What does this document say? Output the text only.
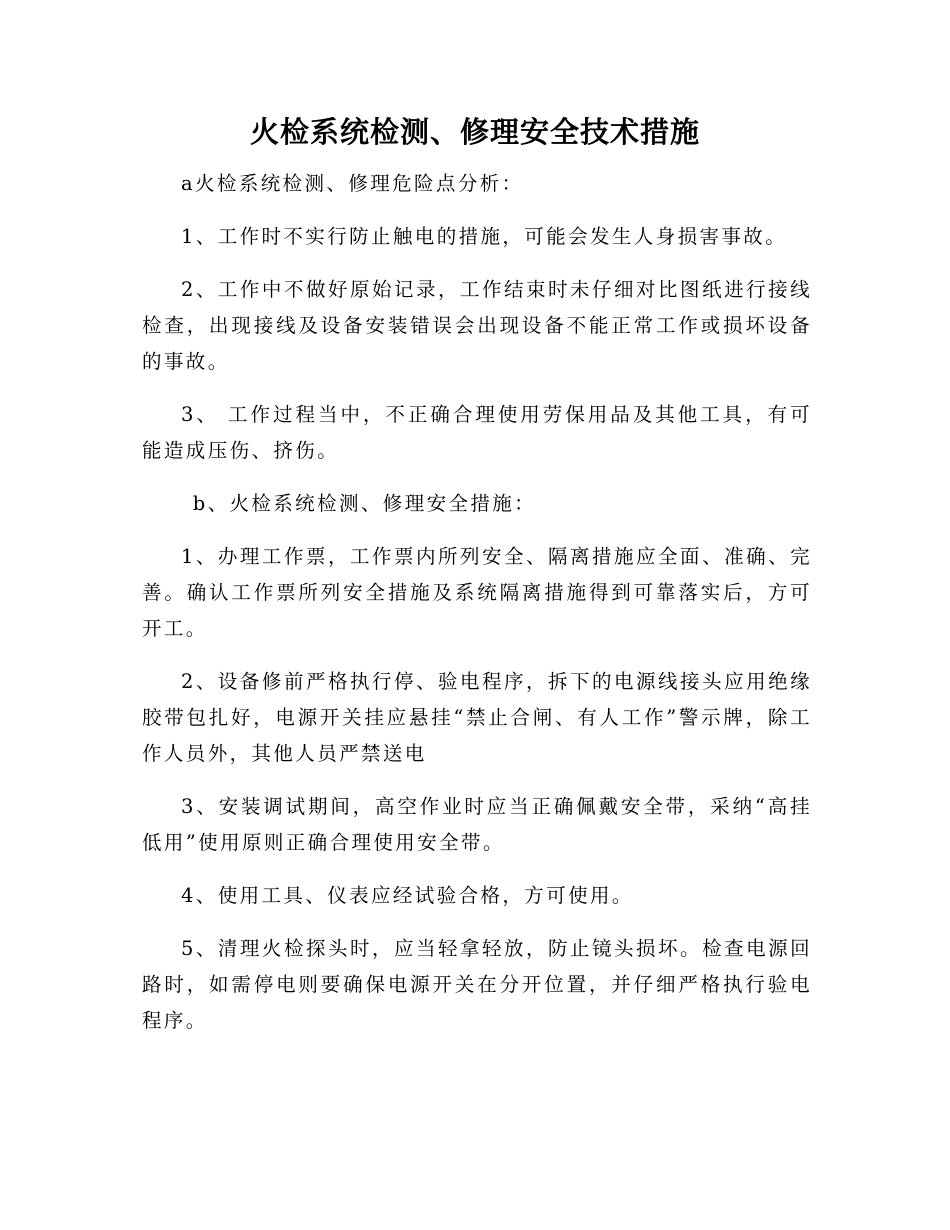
火检系统检测、修理安全技术措施

a火检系统检测、修理危险点分析：

1、工作时不实行防止触电的措施，可能会发生人身损害事故。

2、工作中不做好原始记录，工作结束时未仔细对比图纸进行接线检查，出现接线及设备安装错误会出现设备不能正常工作或损坏设备的事故。

3、 工作过程当中，不正确合理使用劳保用品及其他工具，有可能造成压伤、挤伤。

b、火检系统检测、修理安全措施：

1、办理工作票，工作票内所列安全、隔离措施应全面、准确、完善。确认工作票所列安全措施及系统隔离措施得到可靠落实后，方可开工。

2、设备修前严格执行停、验电程序，拆下的电源线接头应用绝缘胶带包扎好，电源开关挂应悬挂“禁止合闸、有人工作”警示牌，除工作人员外，其他人员严禁送电

3、安装调试期间，高空作业时应当正确佩戴安全带，采纳“高挂低用”使用原则正确合理使用安全带。

4、使用工具、仪表应经试验合格，方可使用。

5、清理火检探头时，应当轻拿轻放，防止镜头损坏。检查电源回路时，如需停电则要确保电源开关在分开位置，并仔细严格执行验电程序。
